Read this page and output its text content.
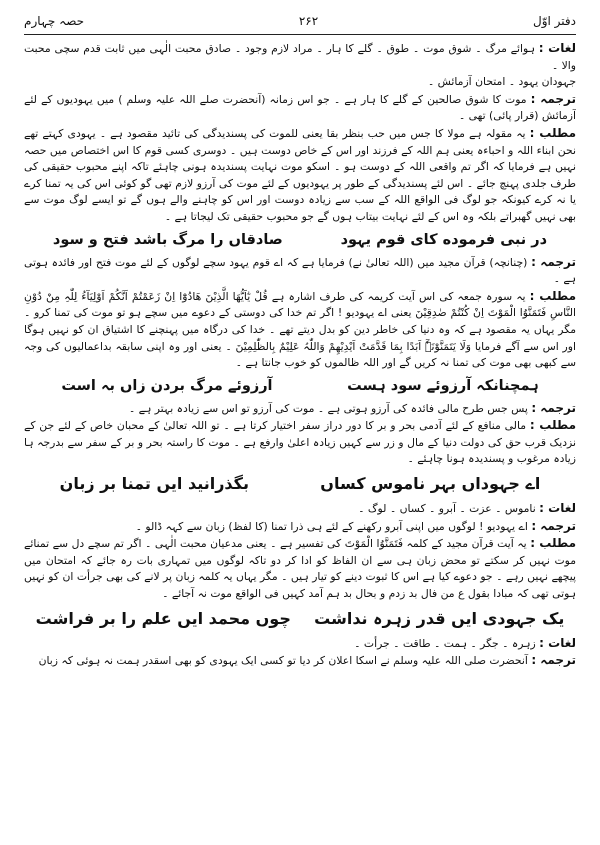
دفتر اوّل
۲۶۲
حصہ چہارم

لغات : ہوائے مرگ ۔ شوق موت ۔ طوق ۔ گلے کا ہار ۔ مراد لازم وجود ۔ صادق محبت الٰہی میں ثابت قدم سچی محبت والا ۔

جہودان یہود ۔ امتحان آزمائش ۔

ترجمہ : موت کا شوق صالحین کے گلے کا ہار ہے ۔ جو اس زمانہ (آنحضرت صلے اللہ علیہ وسلم ) میں یہودیوں کے لئے آزمائش (قرار پائی) تھی ۔

مطلب : یہ مقولہ ہے مولا کا جس میں حب بنظر بقا یعنی للموت کی پسندیدگی کی تائید مقصود ہے ۔ یہودی کہتے تھے نحن ابناء اللہ و احباءہ یعنی ہم اللہ کے فرزند اور اس کے خاص دوست ہیں ۔ دوسری کسی قوم کا اس اختصاص میں حصہ نہیں ہے فرمایا کہ اگر تم واقعی اللہ کے دوست ہو ۔ اسکو موت نہایت پسندیدہ ہونی چاہئے تاکہ اپنے محبوب حقیقی کی طرف جلدی پہنچ جائے ۔ اس لئے پسندیدگی کے طور پر یہودیوں کے لئے موت کی آرزو لازم تھی گو کوئی اس کی یہ تمنا کرے یا نہ کرے کیونکہ جو لوگ فی الواقع اللہ کے سب سے زیادہ دوست اور اس کو چاہنے والے ہوں گے تو ایسے لوگ موت سے بھی نہیں گھبراتے بلکہ وہ اس کے لئے نہایت بیتاب ہوں گے جو محبوب حقیقی تک لیجاتا ہے ۔

در نبی فرموده کای قوم یہود
صادقاں را مرگ باشد فتح و سود

ترجمہ : (چنانچہ) قرآن مجید میں (اللہ تعالیٰ نے) فرمایا ہے کہ اے قوم یہود سچے لوگوں کے لئے موت فتح اور فائدہ ہوتی ہے ۔

مطلب : یہ سورہ جمعہ کی اس آیت کریمہ کی طرف اشارہ ہے قُلْ یٰٓاَیُّھَا الَّذِیْنَ ھَادُوْٓا اِنْ زَعَمْتُمْ اَنَّکُمْ اَوْلِیَآءُ لِلّٰہِ مِنْ دُوْنِ النَّاسِ فَتَمَنَّوُا الْمَوْتَ اِنْ کُنْتُمْ صٰدِقِیْنَ یعنی اے یہودیو ! اگر تم خدا کی دوستی کے دعوے میں سچے ہو تو موت کی تمنا کرو ۔ مگر یہاں یہ مقصود ہے کہ وہ دنیا کی خاطر دین کو بدل دیتے تھے ۔ خدا کی درگاہ میں پہنچنے کا اشتیاق ان کو نہیں ہوگا اور اس سے آگے فرمایا وَلَا یَتَمَنَّوْنَہٗٓ اَبَدًا بِمَا قَدَّمَتْ اَیْدِیْھِمْ وَاللّٰہُ عَلِیْمٌ بِالظّٰلِمِیْنَ ۔ یعنی اور وہ اپنی سابقہ بداعمالیوں کی وجہ سے کبھی بھی موت کی تمنا نہ کریں گے اور اللہ ظالموں کو خوب جانتا ہے ۔

ہمچنانکہ آرزوئے سود ہست
آرزوئے مرگ بردن زاں بہ است

ترجمہ : پس جس طرح مالی فائدہ کی آرزو ہوتی ہے ۔ موت کی آرزو تو اس سے زیادہ بہتر ہے ۔

مطلب : مالی منافع کے لئے آدمی بحر و بر کا دور دراز سفر اختیار کرتا ہے ۔ تو اللہ تعالیٰ کے محبان خاص کے لئے جن کے نزدیک قرب حق کی دولت دنیا کے مال و زر سے کہیں زیادہ اعلیٰ وارفع ہے ۔ موت کا راستہ بحر و بر کے سفر سے بدرجہ ہا زیادہ مرغوب و پسندیدہ ہونا چاہئے ۔

اے جہوداں بہر ناموس کساں
بگذرانید ایں تمنا بر زبان

لغات : ناموس ۔ عزت ۔ آبرو ۔ کساں ۔ لوگ ۔

ترجمہ : اے یہودیو ! لوگوں میں اپنی آبرو رکھنے کے لئے ہی ذرا تمنا (کا لفظ) زبان سے کہہ ڈالو ۔

مطلب : یہ آیت قرآن مجید کے کلمہ فَتَمَنَّوُا الْمَوْتَ کی تفسیر ہے ۔ یعنی مدعیان محبت الٰہی ۔ اگر تم سچے دل سے تمنائے موت نہیں کر سکتے تو محض زبان ہی سے ان الفاظ کو ادا کر دو تاکہ لوگوں میں تمہاری بات رہ جائے کہ امتحان میں پیچھے نہیں رہے ۔ جو دعوے کیا ہے اس کا ثبوت دینے کو تیار ہیں ۔ مگر یہاں یہ کلمہ زبان پر لانے کی بھی جرأت ان کو نہیں ہوتی تھی کہ مبادا بقول ع من فال بد زدم و بحال بد ہم آمد کہیں فی الواقع موت نہ آجائے ۔

یک جہودی ایں قدر زہرہ نداشت
چوں محمد ایں علم را بر فراشت

لغات : زہرہ ۔ جگر ۔ ہمت ۔ طاقت ۔ جرأت ۔

ترجمہ : آنحضرت صلی اللہ علیہ وسلم نے اسکا اعلان کر دیا تو کسی ایک یہودی کو بھی اسقدر ہمت نہ ہوئی کہ زبان
